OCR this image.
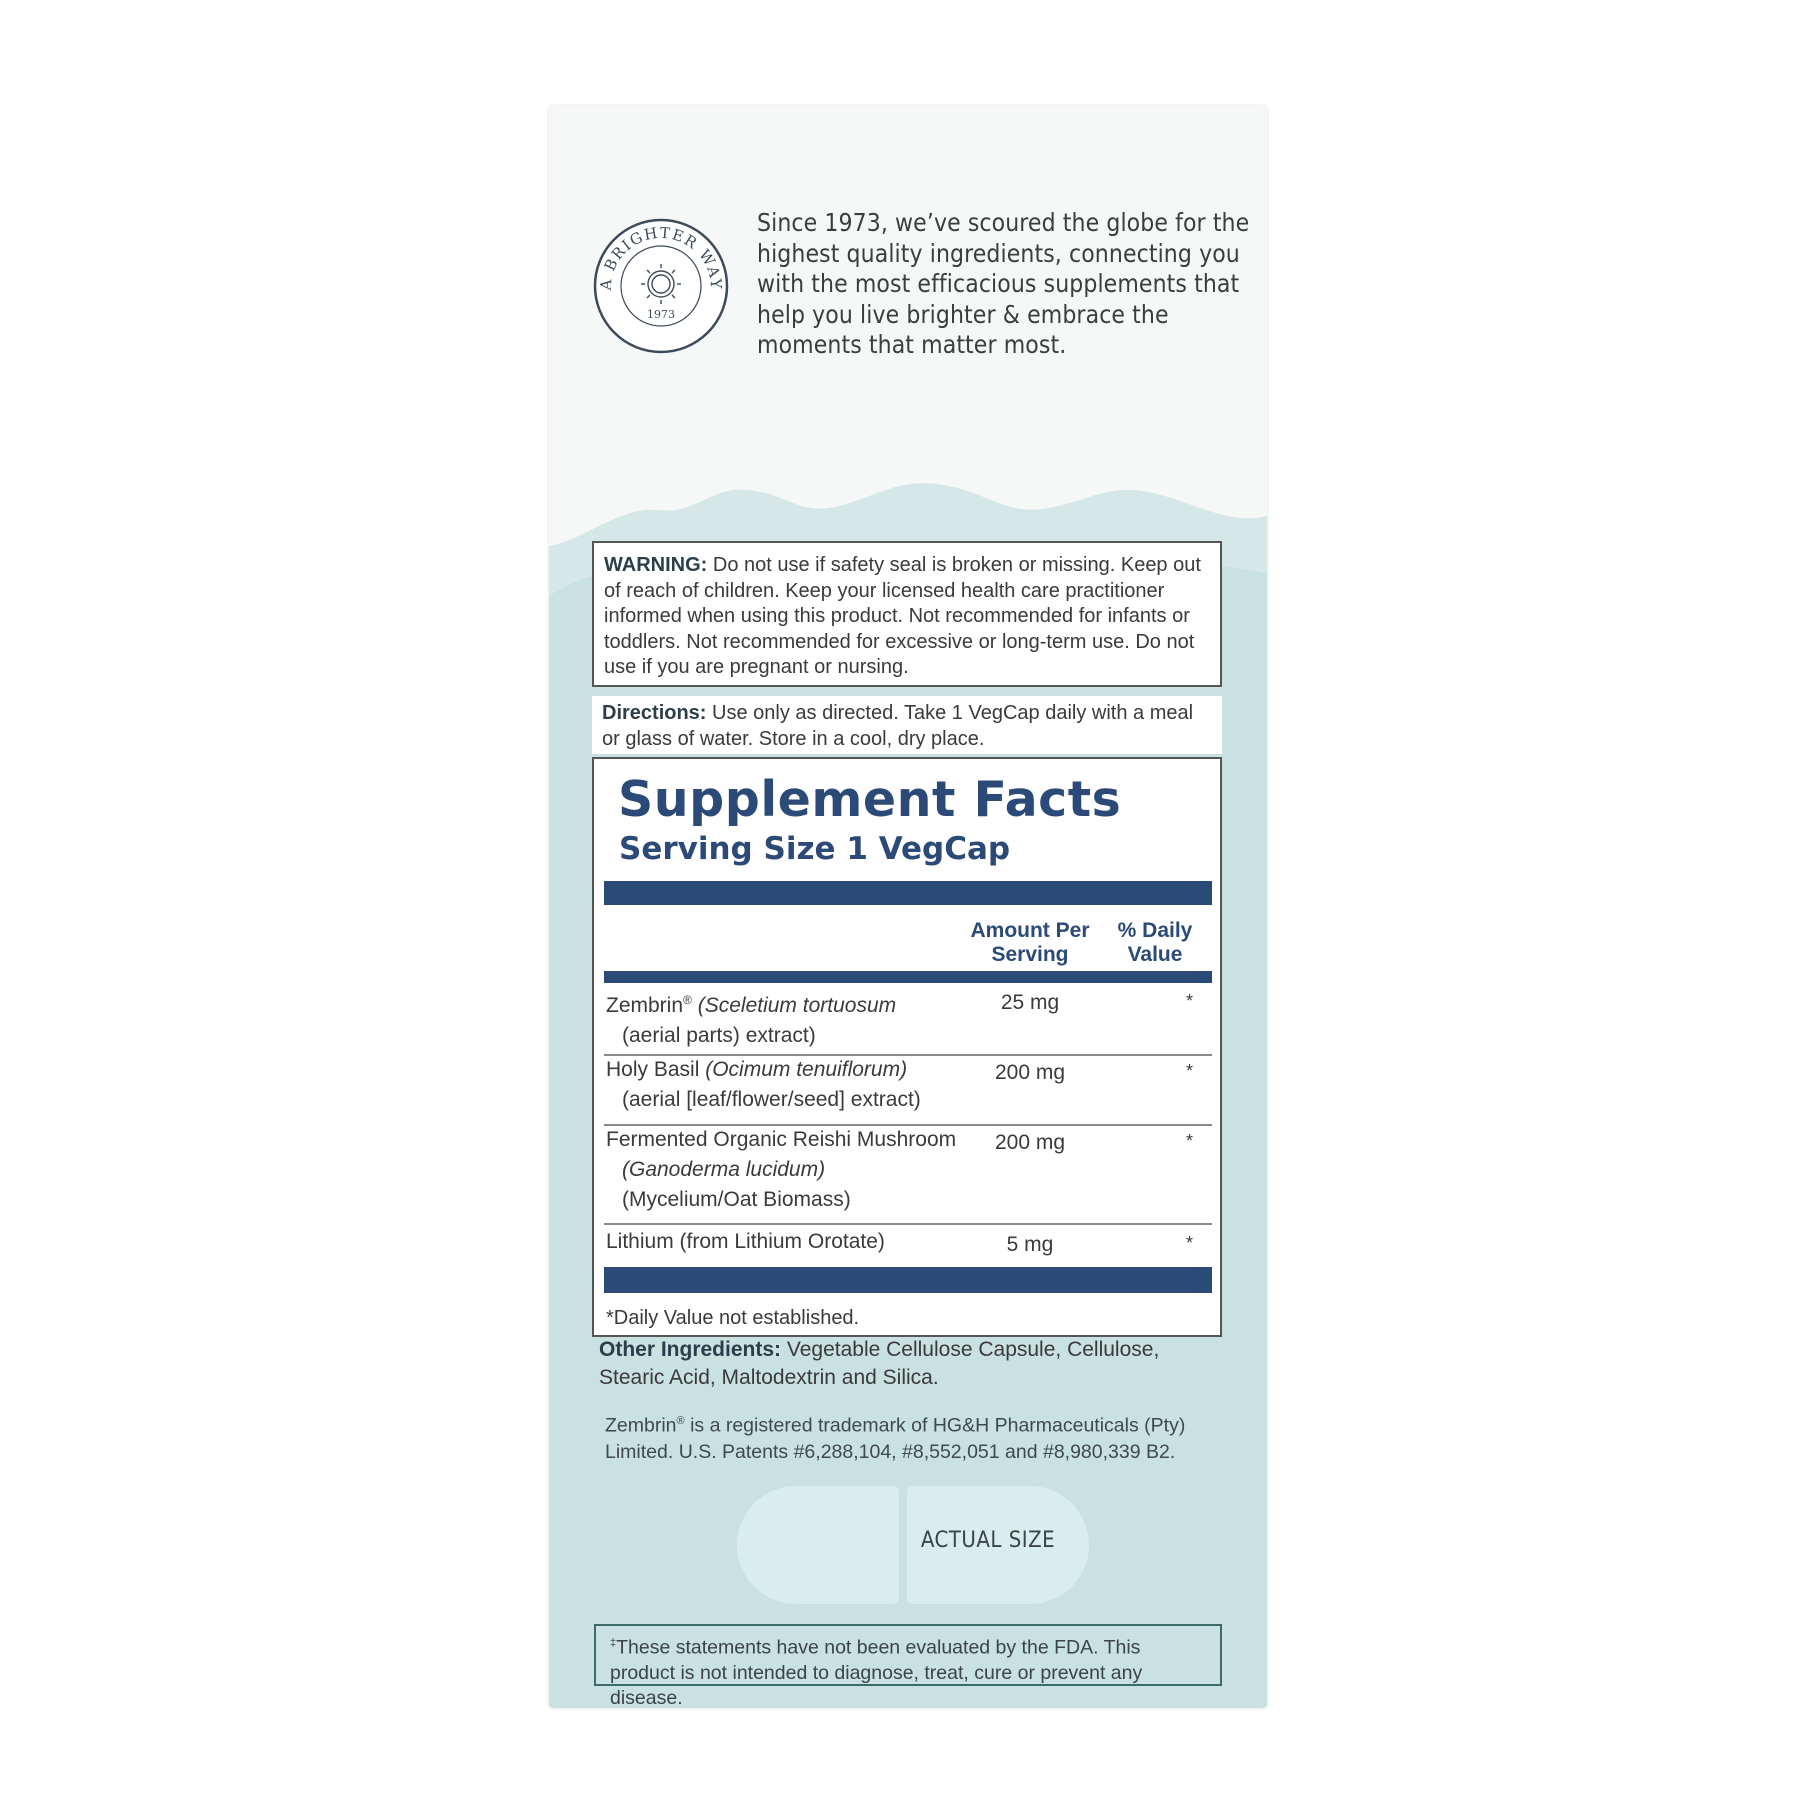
A BRIGHTER WAY
1973
Since 1973, we’ve scoured the globe for the highest quality ingredients, connecting you with the most efficacious supplements that help you live brighter & embrace the moments that matter most.
WARNING: Do not use if safety seal is broken or missing. Keep out of reach of children. Keep your licensed health care practitioner informed when using this product. Not recommended for infants or toddlers. Not recommended for excessive or long-term use. Do not use if you are pregnant or nursing.
Directions: Use only as directed. Take 1 VegCap daily with a meal or glass of water. Store in a cool, dry place.
Supplement Facts
Serving Size 1 VegCap
Amount Per Serving
% Daily Value
Zembrin® (Sceletium tortuosum
(aerial parts) extract)
25 mg	*
Holy Basil (Ocimum tenuiflorum)
(aerial [leaf/flower/seed] extract)
200 mg	*
Fermented Organic Reishi Mushroom
(Ganoderma lucidum)
(Mycelium/Oat Biomass)
200 mg	*
Lithium (from Lithium Orotate)	5 mg	*
*Daily Value not established.
Other Ingredients: Vegetable Cellulose Capsule, Cellulose, Stearic Acid, Maltodextrin and Silica.
Zembrin® is a registered trademark of HG&H Pharmaceuticals (Pty) Limited. U.S. Patents #6,288,104, #8,552,051 and #8,980,339 B2.
ACTUAL SIZE
‡These statements have not been evaluated by the FDA. This product is not intended to diagnose, treat, cure or prevent any disease.
